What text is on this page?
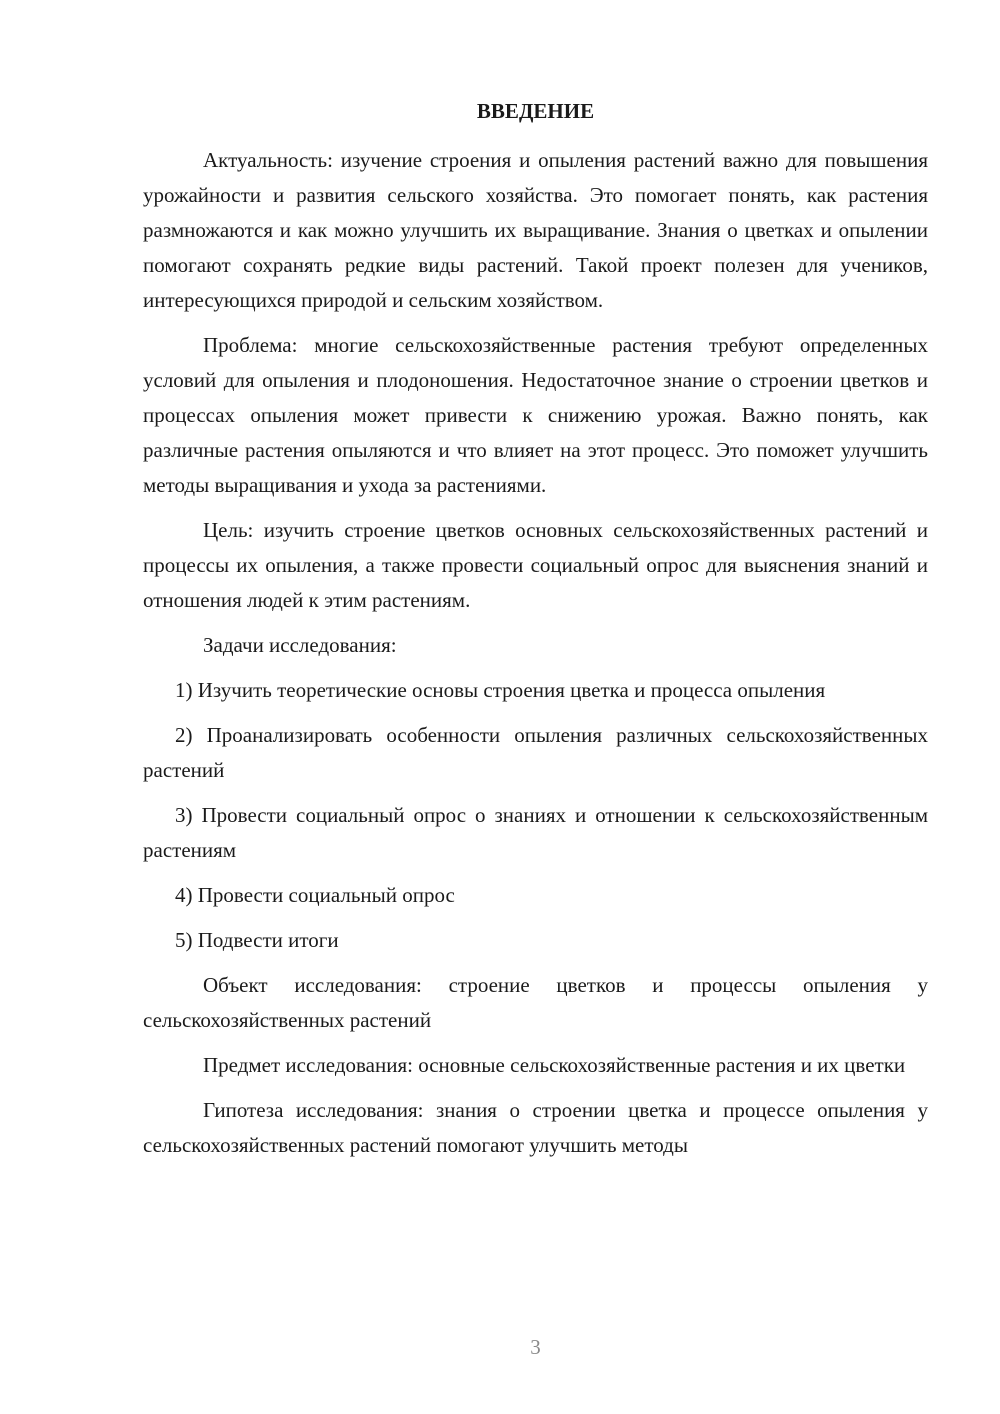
ВВЕДЕНИЕ

Актуальность: изучение строения и опыления растений важно для повышения урожайности и развития сельского хозяйства. Это помогает понять, как растения размножаются и как можно улучшить их выращивание. Знания о цветках и опылении помогают сохранять редкие виды растений. Такой проект полезен для учеников, интересующихся природой и сельским хозяйством.

Проблема: многие сельскохозяйственные растения требуют определенных условий для опыления и плодоношения. Недостаточное знание о строении цветков и процессах опыления может привести к снижению урожая. Важно понять, как различные растения опыляются и что влияет на этот процесс. Это поможет улучшить методы выращивания и ухода за растениями.

Цель: изучить строение цветков основных сельскохозяйственных растений и процессы их опыления, а также провести социальный опрос для выяснения знаний и отношения людей к этим растениям.

Задачи исследования:

1) Изучить теоретические основы строения цветка и процесса опыления

2) Проанализировать особенности опыления различных сельскохозяйственных растений

3) Провести социальный опрос о знаниях и отношении к сельскохозяйственным растениям

4) Провести социальный опрос

5) Подвести итоги

Объект исследования: строение цветков и процессы опыления у сельскохозяйственных растений

Предмет исследования: основные сельскохозяйственные растения и их цветки

Гипотеза исследования: знания о строении цветка и процессе опыления у сельскохозяйственных растений помогают улучшить методы

3
